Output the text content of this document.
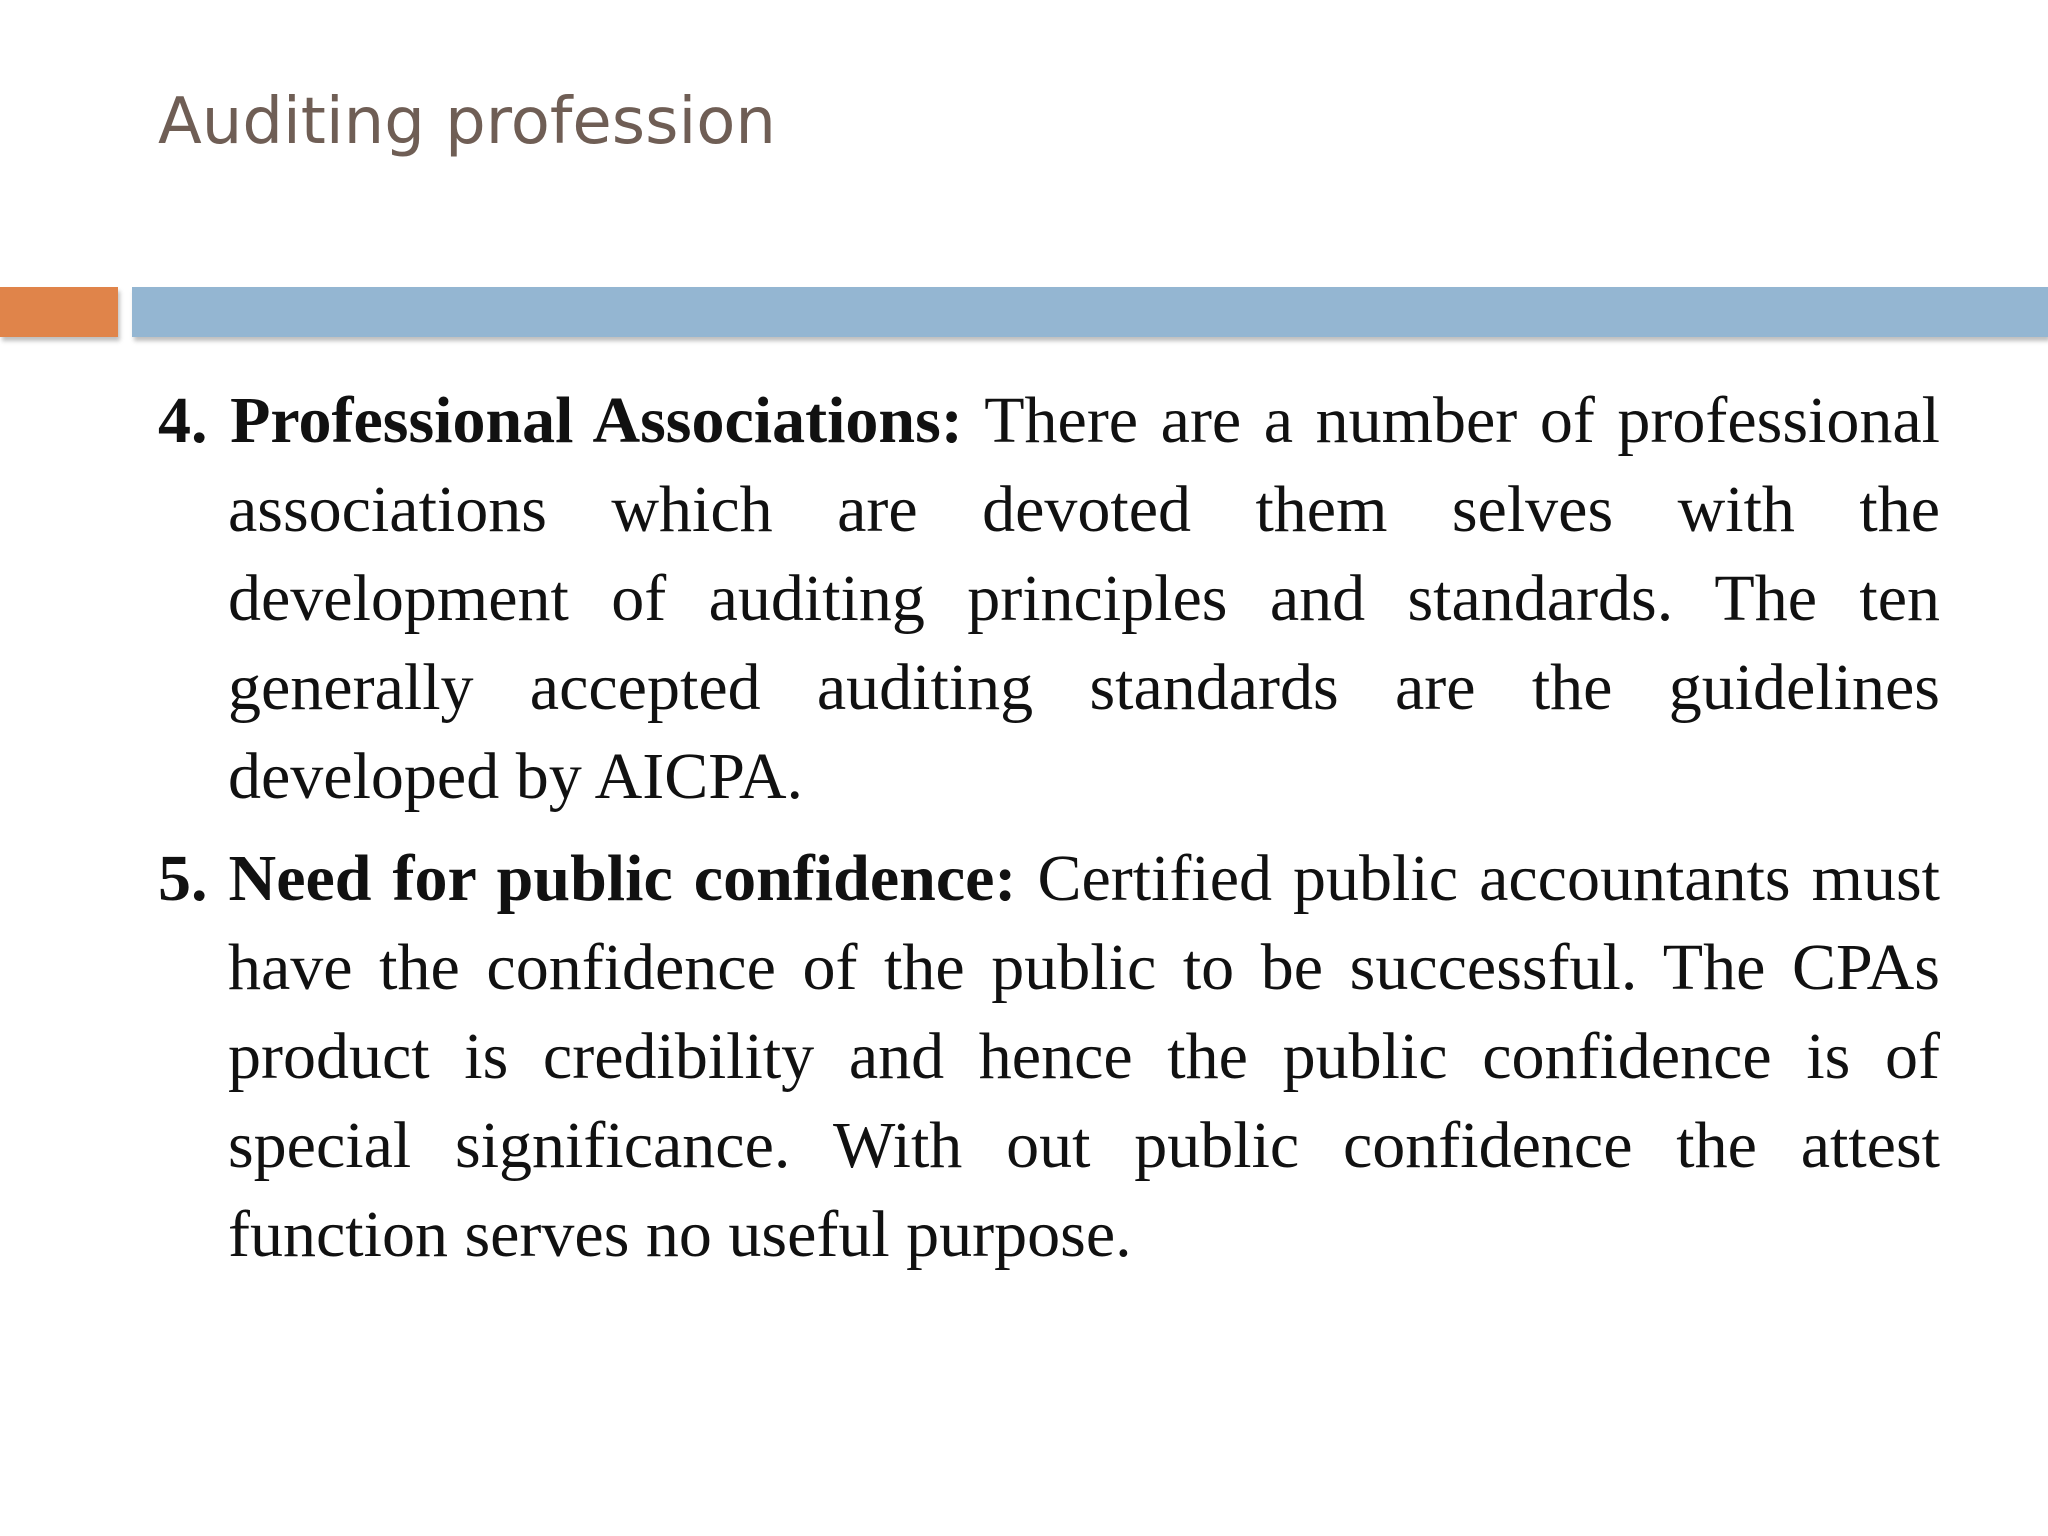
Auditing profession

4. Professional Associations: There are a number of professional associations which are devoted them selves with the development of auditing principles and standards. The ten generally accepted auditing standards are the guidelines developed by AICPA.

5. Need for public confidence: Certified public accountants must have the confidence of the public to be successful. The CPAs product is credibility and hence the public confidence is of special significance. With out public confidence the attest function serves no useful purpose.
